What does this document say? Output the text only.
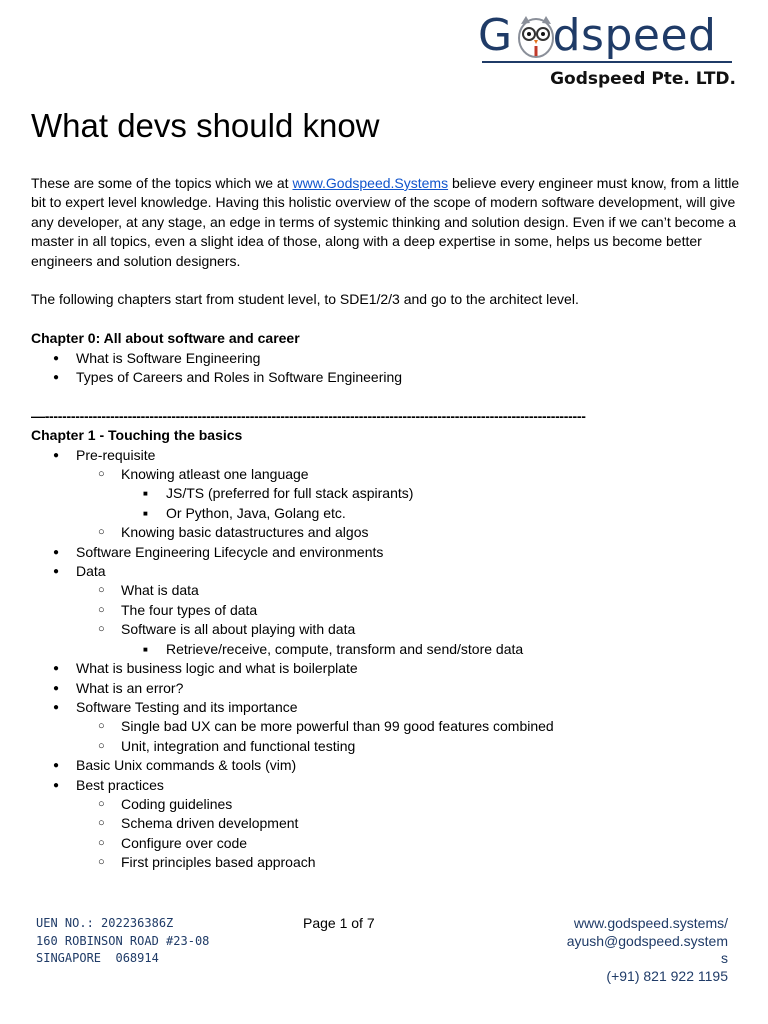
G dspeed
Godspeed Pte. LTD.
What devs should know

These are some of the topics which we at www.Godspeed.Systems believe every engineer must know, from a little bit to expert level knowledge. Having this holistic overview of the scope of modern software development, will give any developer, at any stage, an edge in terms of systemic thinking and solution design. Even if we can’t become a master in all topics, even a slight idea of those, along with a deep expertise in some, helps us become better engineers and solution designers.

The following chapters start from student level, to SDE1/2/3 and go to the architect level.

Chapter 0: All about software and career

● What is Software Engineering
● Types of Careers and Roles in Software Engineering
—----------------------------------------------------------------------------------------------------------------------------

Chapter 1 - Touching the basics

● Pre-requisite
○ Knowing atleast one language
■ JS/TS (preferred for full stack aspirants)
■ Or Python, Java, Golang etc.
○ Knowing basic datastructures and algos
● Software Engineering Lifecycle and environments
● Data
○ What is data
○ The four types of data
○ Software is all about playing with data
■ Retrieve/receive, compute, transform and send/store data
● What is business logic and what is boilerplate
● What is an error?
● Software Testing and its importance
○ Single bad UX can be more powerful than 99 good features combined
○ Unit, integration and functional testing
● Basic Unix commands & tools (vim)
● Best practices
○ Coding guidelines
○ Schema driven development
○ Configure over code
○ First principles based approach
UEN NO.: 202236386Z
160 ROBINSON ROAD #23-08
SINGAPORE  068914
Page 1 of 7	www.godspeed.systems/
ayush@godspeed.system
s
(+91) 821 922 1195
